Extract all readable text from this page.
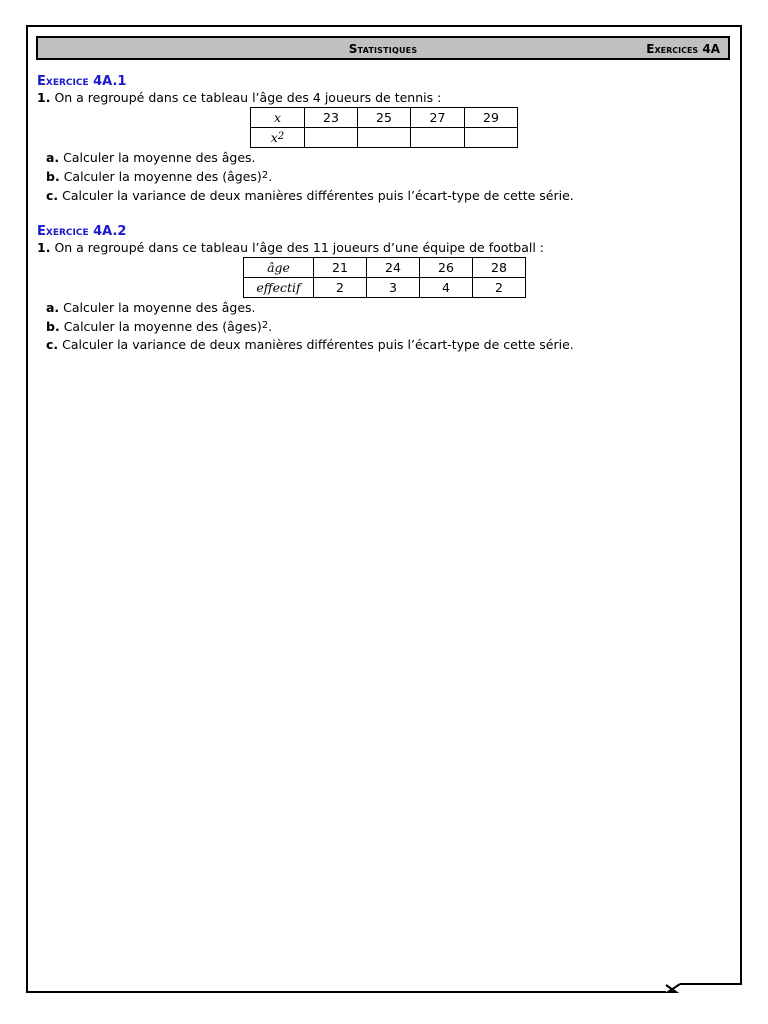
Statistiques	Exercices 4A
Exercice 4A.1
1. On a regroupé dans ce tableau l’âge des 4 joueurs de tennis :
x	23	25	27	29
$x^2$				
a. Calculer la moyenne des âges.
b. Calculer la moyenne des (âges)$^2$.
c. Calculer la variance de deux manières différentes puis l’écart-type de cette série.
Exercice 4A.2
1. On a regroupé dans ce tableau l’âge des 11 joueurs d’une équipe de football :
âge	21	24	26	28
effectif	2	3	4	2
a. Calculer la moyenne des âges.
b. Calculer la moyenne des (âges)$^2$.
c. Calculer la variance de deux manières différentes puis l’écart-type de cette série.
